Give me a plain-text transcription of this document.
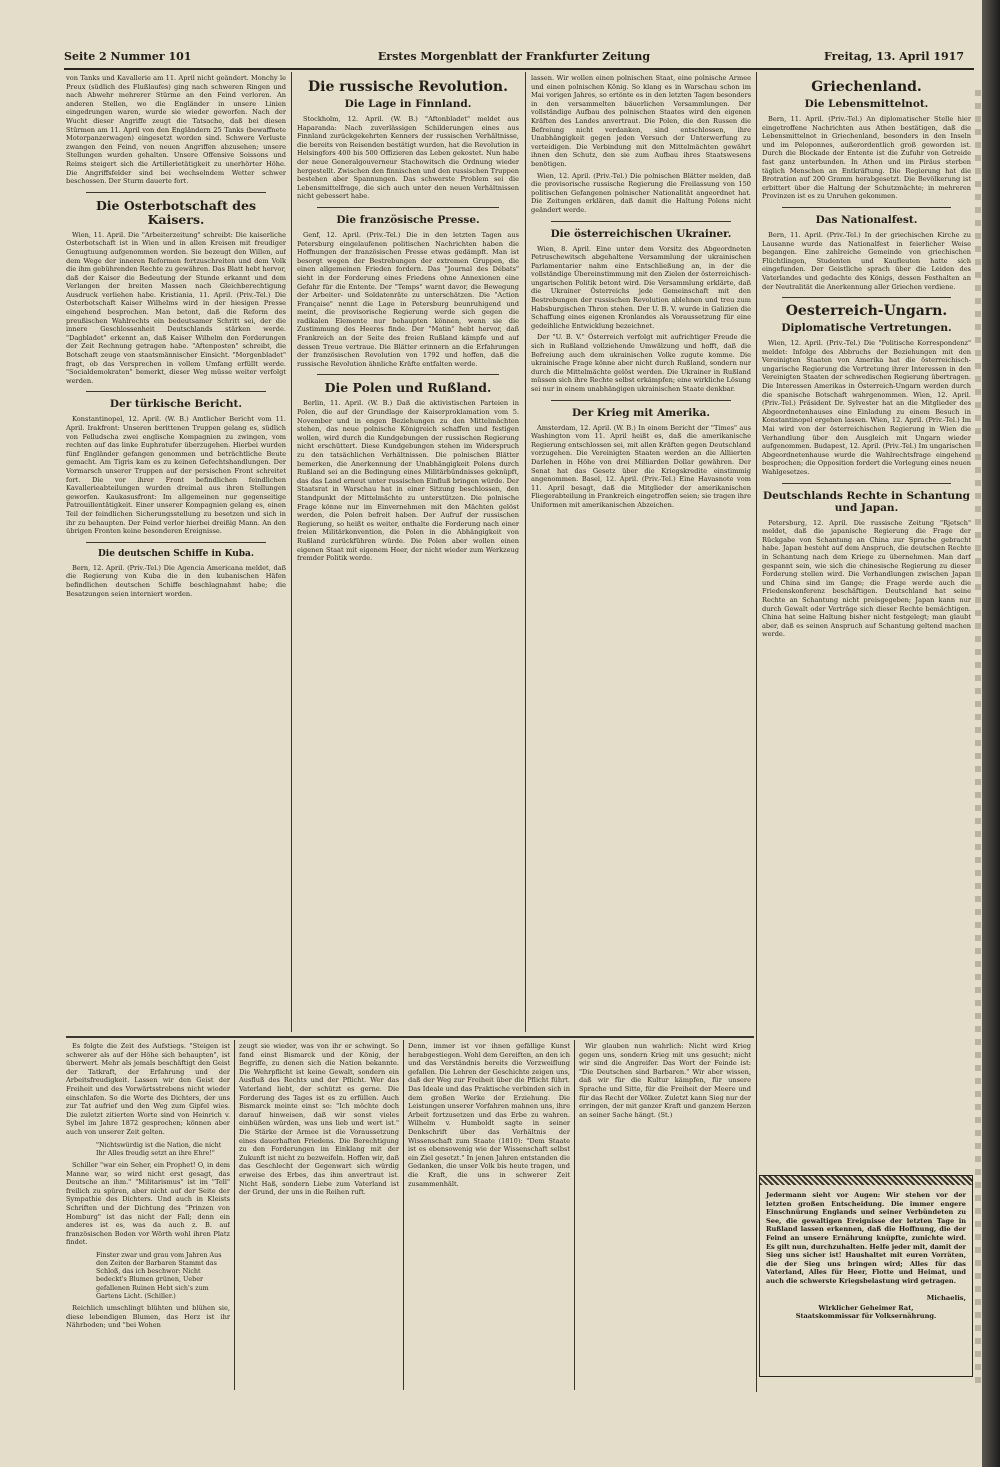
Seite 2 Nummer 101	Erstes Morgenblatt der Frankfurter Zeitung	Freitag, 13. April 1917

von Tanks und Kavallerie am 11. April nicht geändert. Monchy le Preux (südlich des Flußlaufes) ging nach schweren Ringen und nach Abwehr mehrerer Stürme an den Feind verloren. An anderen Stellen, wo die Engländer in unsere Linien eingedrungen waren, wurde sie wieder geworfen. Nach der Wucht dieser Angriffe zeugt die Tatsache, daß bei diesen Stürmen am 11. April von den Engländern 25 Tanks (bewaffnete Motorpanzerwagen) eingesetzt worden sind. Schwere Verluste zwangen den Feind, von neuen Angriffen abzusehen; unsere Stellungen wurden gehalten. Unsere Offensive Soissons und Reims steigert sich die Artillerietätigkeit zu unerhörter Höhe. Die Angriffsfelder sind bei wechselndem Wetter schwer beschossen. Der Sturm dauerte fort.

Die Osterbotschaft des Kaisers.

Wien, 11. April. Die "Arbeiterzeitung" schreibt: Die kaiserliche Osterbotschaft ist in Wien und in allen Kreisen mit freudiger Genugtuung aufgenommen worden. Sie bezeugt den Willen, auf dem Wege der inneren Reformen fortzuschreiten und dem Volk die ihm gebührenden Rechte zu gewähren. Das Blatt hebt hervor, daß der Kaiser die Bedeutung der Stunde erkannt und dem Verlangen der breiten Massen nach Gleichberechtigung Ausdruck verliehen habe. Kristiania, 11. April. (Priv.-Tel.) Die Osterbotschaft Kaiser Wilhelms wird in der hiesigen Presse eingehend besprochen. Man betont, daß die Reform des preußischen Wahlrechts ein bedeutsamer Schritt sei, der die innere Geschlossenheit Deutschlands stärken werde. "Dagbladet" erkennt an, daß Kaiser Wilhelm den Forderungen der Zeit Rechnung getragen habe. "Aftenposten" schreibt, die Botschaft zeuge von staatsmännischer Einsicht. "Morgenbladet" fragt, ob das Versprechen in vollem Umfang erfüllt werde. "Socialdemokraten" bemerkt, dieser Weg müsse weiter verfolgt werden.

Der türkische Bericht.

Konstantinopel, 12. April. (W. B.) Amtlicher Bericht vom 11. April. Irakfront: Unseren berittenen Truppen gelang es, südlich von Felludscha zwei englische Kompagnien zu zwingen, vom rechten auf das linke Euphratufer überzugehen. Hierbei wurden fünf Engländer gefangen genommen und beträchtliche Beute gemacht. Am Tigris kam es zu keinen Gefechtshandlungen. Der Vormarsch unserer Truppen auf der persischen Front schreitet fort. Die vor ihrer Front befindlichen feindlichen Kavallerieabteilungen wurden dreimal aus ihren Stellungen geworfen. Kaukasusfront: Im allgemeinen nur gegenseitige Patrouillentätigkeit. Einer unserer Kompagnien gelang es, einen Teil der feindlichen Sicherungsstellung zu besetzen und sich in ihr zu behaupten. Der Feind verlor hierbei dreißig Mann. An den übrigen Fronten keine besonderen Ereignisse.

Die deutschen Schiffe in Kuba.

Bern, 12. April. (Priv.-Tel.) Die Agencia Americana meldet, daß die Regierung von Kuba die in den kubanischen Häfen befindlichen deutschen Schiffe beschlagnahmt habe; die Besatzungen seien interniert worden.

Die russische Revolution.
Die Lage in Finnland.

Stockholm, 12. April. (W. B.) "Aftonbladet" meldet aus Haparanda: Nach zuverlässigen Schilderungen eines aus Finnland zurückgekehrten Kenners der russischen Verhältnisse, die bereits von Reisenden bestätigt wurden, hat die Revolution in Helsingfors 400 bis 500 Offizieren das Leben gekostet. Nun habe der neue Generalgouverneur Stachowitsch die Ordnung wieder hergestellt. Zwischen den finnischen und den russischen Truppen bestehen aber Spannungen. Das schwerste Problem sei die Lebensmittelfrage, die sich auch unter den neuen Verhältnissen nicht gebessert habe.

Die französische Presse.

Genf, 12. April. (Priv.-Tel.) Die in den letzten Tagen aus Petersburg eingelaufenen politischen Nachrichten haben die Hoffnungen der französischen Presse etwas gedämpft. Man ist besorgt wegen der Bestrebungen der extremen Gruppen, die einen allgemeinen Frieden fordern. Das "Journal des Débats" sieht in der Forderung eines Friedens ohne Annexionen eine Gefahr für die Entente. Der "Temps" warnt davor, die Bewegung der Arbeiter- und Soldatenräte zu unterschätzen. Die "Action Française" nennt die Lage in Petersburg beunruhigend und meint, die provisorische Regierung werde sich gegen die radikalen Elemente nur behaupten können, wenn sie die Zustimmung des Heeres finde. Der "Matin" hebt hervor, daß Frankreich an der Seite des freien Rußland kämpfe und auf dessen Treue vertraue. Die Blätter erinnern an die Erfahrungen der französischen Revolution von 1792 und hoffen, daß die russische Revolution ähnliche Kräfte entfalten werde.

Die Polen und Rußland.

Berlin, 11. April. (W. B.) Daß die aktivistischen Parteien in Polen, die auf der Grundlage der Kaiserproklamation vom 5. November und in engen Beziehungen zu den Mittelmächten stehen, das neue polnische Königreich schaffen und festigen wollen, wird durch die Kundgebungen der russischen Regierung nicht erschüttert. Diese Kundgebungen stehen im Widerspruch zu den tatsächlichen Verhältnissen. Die polnischen Blätter bemerken, die Anerkennung der Unabhängigkeit Polens durch Rußland sei an die Bedingung eines Militärbündnisses geknüpft, das das Land erneut unter russischen Einfluß bringen würde. Der Staatsrat in Warschau hat in einer Sitzung beschlossen, den Standpunkt der Mittelmächte zu unterstützen. Die polnische Frage könne nur im Einvernehmen mit den Mächten gelöst werden, die Polen befreit haben. Der Aufruf der russischen Regierung, so heißt es weiter, enthalte die Forderung nach einer freien Militärkonvention, die Polen in die Abhängigkeit von Rußland zurückführen würde. Die Polen aber wollen einen eigenen Staat mit eigenem Heer, der nicht wieder zum Werkzeug fremder Politik werde.

lassen. Wir wollen einen polnischen Staat, eine polnische Armee und einen polnischen König. So klang es in Warschau schon im Mai vorigen Jahres, so ertönte es in den letzten Tagen besonders in den versammelten bäuerlichen Versammlungen. Der vollständige Aufbau des polnischen Staates wird den eigenen Kräften des Landes anvertraut. Die Polen, die den Russen die Befreiung nicht verdanken, sind entschlossen, ihre Unabhängigkeit gegen jeden Versuch der Unterwerfung zu verteidigen. Die Verbindung mit den Mittelmächten gewährt ihnen den Schutz, den sie zum Aufbau ihres Staatswesens benötigen.

Wien, 12. April. (Priv.-Tel.) Die polnischen Blätter melden, daß die provisorische russische Regierung die Freilassung von 150 politischen Gefangenen polnischer Nationalität angeordnet hat. Die Zeitungen erklären, daß damit die Haltung Polens nicht geändert werde.

Die österreichischen Ukrainer.

Wien, 8. April. Eine unter dem Vorsitz des Abgeordneten Petruschewitsch abgehaltene Versammlung der ukrainischen Parlamentarier nahm eine Entschließung an, in der die vollständige Übereinstimmung mit den Zielen der österreichisch-ungarischen Politik betont wird. Die Versammlung erklärte, daß die Ukrainer Österreichs jede Gemeinschaft mit den Bestrebungen der russischen Revolution ablehnen und treu zum Habsburgischen Thron stehen. Der U. B. V. wurde in Galizien die Schaffung eines eigenen Kronlandes als Voraussetzung für eine gedeihliche Entwicklung bezeichnet.

Der "U. B. V." Österreich verfolgt mit aufrichtiger Freude die sich in Rußland vollziehende Umwälzung und hofft, daß die Befreiung auch dem ukrainischen Volke zugute komme. Die ukrainische Frage könne aber nicht durch Rußland, sondern nur durch die Mittelmächte gelöst werden. Die Ukrainer in Rußland müssen sich ihre Rechte selbst erkämpfen; eine wirkliche Lösung sei nur in einem unabhängigen ukrainischen Staate denkbar.

Der Krieg mit Amerika.

Amsterdam, 12. April. (W. B.) In einem Bericht der "Times" aus Washington vom 11. April heißt es, daß die amerikanische Regierung entschlossen sei, mit allen Kräften gegen Deutschland vorzugehen. Die Vereinigten Staaten werden an die Alliierten Darlehen in Höhe von drei Milliarden Dollar gewähren. Der Senat hat das Gesetz über die Kriegskredite einstimmig angenommen. Basel, 12. April. (Priv.-Tel.) Eine Havasnote vom 11. April besagt, daß die Mitglieder der amerikanischen Fliegerabteilung in Frankreich eingetroffen seien; sie tragen ihre Uniformen mit amerikanischen Abzeichen.

Griechenland.
Die Lebensmittelnot.

Bern, 11. April. (Priv.-Tel.) An diplomatischer Stelle hier eingetroffene Nachrichten aus Athen bestätigen, daß die Lebensmittelnot in Griechenland, besonders in den Inseln und im Peloponnes, außerordentlich groß geworden ist. Durch die Blockade der Entente ist die Zufuhr von Getreide fast ganz unterbunden. In Athen und im Piräus sterben täglich Menschen an Entkräftung. Die Regierung hat die Brotration auf 200 Gramm herabgesetzt. Die Bevölkerung ist erbittert über die Haltung der Schutzmächte; in mehreren Provinzen ist es zu Unruhen gekommen.

Das Nationalfest.

Bern, 11. April. (Priv.-Tel.) In der griechischen Kirche zu Lausanne wurde das Nationalfest in feierlicher Weise begangen. Eine zahlreiche Gemeinde von griechischen Flüchtlingen, Studenten und Kaufleuten hatte sich eingefunden. Der Geistliche sprach über die Leiden des Vaterlandes und gedachte des Königs, dessen Festhalten an der Neutralität die Anerkennung aller Griechen verdiene.

Oesterreich-Ungarn.
Diplomatische Vertretungen.

Wien, 12. April. (Priv.-Tel.) Die "Politische Korrespondenz" meldet: Infolge des Abbruchs der Beziehungen mit den Vereinigten Staaten von Amerika hat die österreichisch-ungarische Regierung die Vertretung ihrer Interessen in den Vereinigten Staaten der schwedischen Regierung übertragen. Die Interessen Amerikas in Österreich-Ungarn werden durch die spanische Botschaft wahrgenommen. Wien, 12. April. (Priv.-Tel.) Präsident Dr. Sylvester hat an die Mitglieder des Abgeordnetenhauses eine Einladung zu einem Besuch in Konstantinopel ergehen lassen. Wien, 12. April. (Priv.-Tel.) Im Mai wird von der österreichischen Regierung in Wien die Verhandlung über den Ausgleich mit Ungarn wieder aufgenommen. Budapest, 12. April. (Priv.-Tel.) Im ungarischen Abgeordnetenhause wurde die Wahlrechtsfrage eingehend besprochen; die Opposition fordert die Vorlegung eines neuen Wahlgesetzes.

Deutschlands Rechte in Schantung und Japan.

Petersburg, 12. April. Die russische Zeitung "Rjetsch" meldet, daß die japanische Regierung die Frage der Rückgabe von Schantung an China zur Sprache gebracht habe. Japan besteht auf dem Anspruch, die deutschen Rechte in Schantung nach dem Kriege zu übernehmen. Man darf gespannt sein, wie sich die chinesische Regierung zu dieser Forderung stellen wird. Die Verhandlungen zwischen Japan und China sind im Gange; die Frage werde auch die Friedenskonferenz beschäftigen. Deutschland hat seine Rechte an Schantung nicht preisgegeben; Japan kann nur durch Gewalt oder Verträge sich dieser Rechte bemächtigen. China hat seine Haltung bisher nicht festgelegt; man glaubt aber, daß es seinen Anspruch auf Schantung geltend machen werde.

Es folgte die Zeit des Aufstiegs. "Steigen ist schwerer als auf der Höhe sich behaupten", ist überwert. Mehr als jemals beschäftigt den Geist der Tatkraft, der Erfahrung und der Arbeitsfreudigkeit. Lassen wir den Geist der Freiheit und des Vorwärtsstrebens nicht wieder einschlafen. So die Worte des Dichters, der uns zur Tat aufrief und den Weg zum Gipfel wies. Die zuletzt zitierten Worte sind von Heinrich v. Sybel im Jahre 1872 gesprochen; können aber auch von unserer Zeit gelten.

"Nichtswürdig ist die Nation, die nicht Ihr Alles freudig setzt an ihre Ehre!"

Schiller "war ein Seher, ein Prophet! O, in dem Manne war, so wird nicht erst gesagt, das Deutsche an ihm." "Militarismus" ist im "Tell" freilich zu spüren, aber nicht auf der Seite der Sympathie des Dichters. Und auch in Kleists Schriften und der Dichtung des "Prinzen von Homburg" ist das nicht der Fall; denn ein anderes ist es, was da auch z. B. auf französischen Boden vor Wörth wohl ihren Platz findet.

Finster zwar und grau vom Jahren Aus den Zeiten der Barbaren Stammt das Schloß, das ich beschwor: Nicht bedeckt's Blumen grünen, Ueber gefallenen Ruinen Hebt sich's zum Gartens Licht. (Schiller.)

Reichlich umschlingt blühten und blühen sie, diese lebendigen Blumen, das Herz ist ihr Nährboden; und "bei Wohen

zeugt sie wieder, was von ihr er schwingt. So fand einst Bismarck und der König, der Begriffe, zu denen sich die Nation bekannte. Die Wehrpflicht ist keine Gewalt, sondern ein Ausfluß des Rechts und der Pflicht. Wer das Vaterland liebt, der schützt es gerne. Die Forderung des Tages ist es zu erfüllen. Auch Bismarck meinte einst so: "Ich möchte doch darauf hinweisen, daß wir sonst vieles einbüßen würden, was uns lieb und wert ist." Die Stärke der Armee ist die Voraussetzung eines dauerhaften Friedens. Die Berechtigung zu den Forderungen im Einklang mit der Zukunft ist nicht zu bezweifeln. Hoffen wir, daß das Geschlecht der Gegenwart sich würdig erweise des Erbes, das ihm anvertraut ist. Nicht Haß, sondern Liebe zum Vaterland ist der Grund, der uns in die Reihen ruft.

Denn, immer ist vor ihnen gefällige Kunst herabgestiegen. Wohl dem Gereiften, an den ich und das Verständnis bereits die Verzweiflung gefallen. Die Lehren der Geschichte zeigen uns, daß der Weg zur Freiheit über die Pflicht führt. Das Ideale und das Praktische verbinden sich in dem großen Werke der Erziehung. Die Leistungen unserer Vorfahren mahnen uns, ihre Arbeit fortzusetzen und das Erbe zu wahren. Wilhelm v. Humboldt sagte in seiner Denkschrift über das Verhältnis der Wissenschaft zum Staate (1810): "Dem Staate ist es ebensowenig wie der Wissenschaft selbst ein Ziel gesetzt." In jenen Jahren entstanden die Gedanken, die unser Volk bis heute tragen, und die Kraft, die uns in schwerer Zeit zusammenhält.

Wir glauben nun wahrlich: Nicht wird Krieg gegen uns, sondern Krieg mit uns gesucht; nicht wir sind die Angreifer. Das Wort der Feinde ist: "Die Deutschen sind Barbaren." Wir aber wissen, daß wir für die Kultur kämpfen, für unsere Sprache und Sitte, für die Freiheit der Meere und für das Recht der Völker. Zuletzt kann Sieg nur der erringen, der mit ganzer Kraft und ganzem Herzen an seiner Sache hängt. (St.)

Jedermann sieht vor Augen: Wir stehen vor der letzten großen Entscheidung. Die immer engere Einschnürung Englands und seiner Verbündeten zu See, die gewaltigen Ereignisse der letzten Tage in Rußland lassen erkennen, daß die Hoffnung, die der Feind an unsere Ernährung knüpfte, zunichte wird. Es gilt nun, durchzuhalten. Helfe jeder mit, damit der Sieg uns sicher ist! Haushaltet mit euren Vorräten, die der Sieg uns bringen wird; Alles für das Vaterland, Alles für Heer, Flotte und Heimat, und auch die schwerste Kriegsbelastung wird getragen.
Michaelis,
Wirklicher Geheimer Rat,
Staatskommissar für Volksernährung.
